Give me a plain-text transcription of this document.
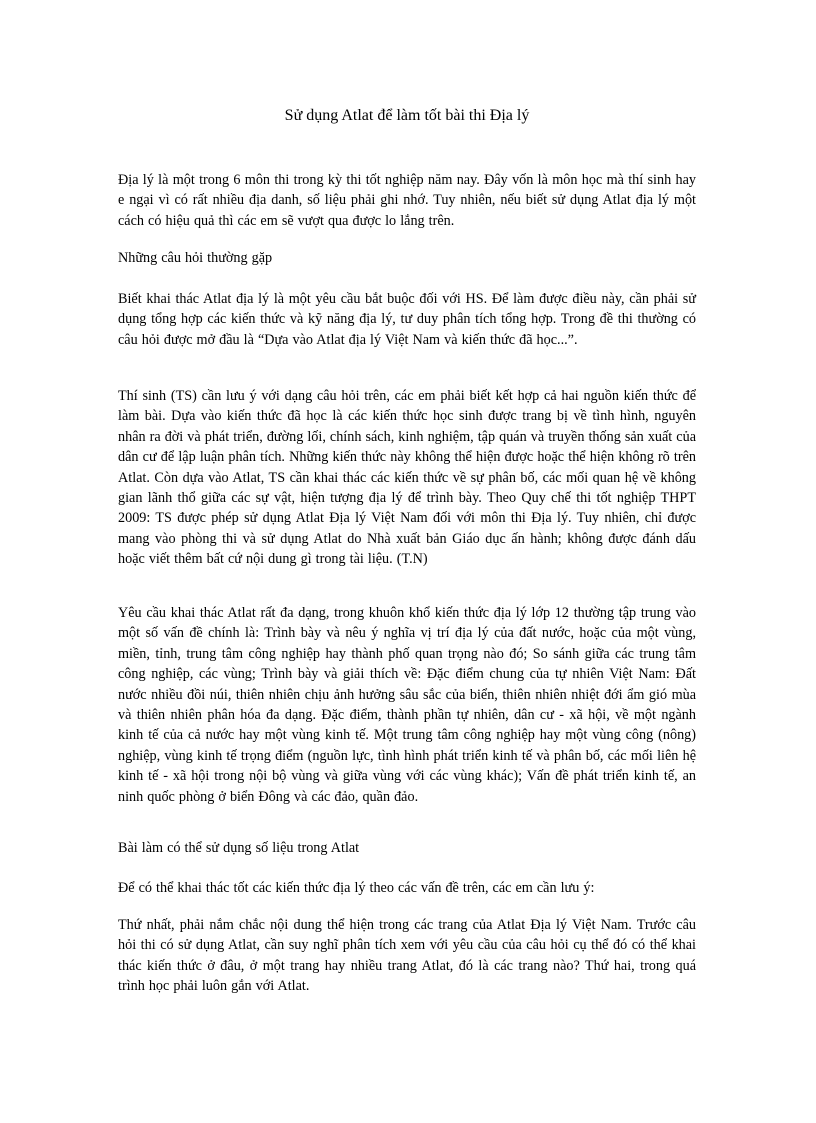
Sử dụng Atlat để làm tốt bài thi Địa lý

Địa lý là một trong 6 môn thi trong kỳ thi tốt nghiệp năm nay. Đây vốn là môn học mà thí sinh hay e ngại vì có rất nhiều địa danh, số liệu phải ghi nhớ. Tuy nhiên, nếu biết sử dụng Atlat địa lý một cách có hiệu quả thì các em sẽ vượt qua được lo lắng trên.

Những câu hỏi thường gặp

Biết khai thác Atlat địa lý là một yêu cầu bắt buộc đối với HS. Để làm được điều này, cần phải sử dụng tổng hợp các kiến thức và kỹ năng địa lý, tư duy phân tích tổng hợp. Trong đề thi thường có câu hỏi được mở đầu là “Dựa vào Atlat địa lý Việt Nam và kiến thức đã học...”.

Thí sinh (TS) cần lưu ý với dạng câu hỏi trên, các em phải biết kết hợp cả hai nguồn kiến thức để làm bài. Dựa vào kiến thức đã học là các kiến thức học sinh được trang bị về tình hình, nguyên nhân ra đời và phát triển, đường lối, chính sách, kinh nghiệm, tập quán và truyền thống sản xuất của dân cư để lập luận phân tích. Những kiến thức này không thể hiện được hoặc thể hiện không rõ trên Atlat. Còn dựa vào Atlat, TS cần khai thác các kiến thức về sự phân bố, các mối quan hệ về không gian lãnh thổ giữa các sự vật, hiện tượng địa lý để trình bày. Theo Quy chế thi tốt nghiệp THPT 2009: TS được phép sử dụng Atlat Địa lý Việt Nam đối với môn thi Địa lý. Tuy nhiên, chỉ được mang vào phòng thi và sử dụng Atlat do Nhà xuất bản Giáo dục ấn hành; không được đánh dấu hoặc viết thêm bất cứ nội dung gì trong tài liệu. (T.N)

Yêu cầu khai thác Atlat rất đa dạng, trong khuôn khổ kiến thức địa lý lớp 12 thường tập trung vào một số vấn đề chính là: Trình bày và nêu ý nghĩa vị trí địa lý của đất nước, hoặc của một vùng, miền, tỉnh, trung tâm công nghiệp hay thành phố quan trọng nào đó; So sánh giữa các trung tâm công nghiệp, các vùng; Trình bày và giải thích về: Đặc điểm chung của tự nhiên Việt Nam: Đất nước nhiều đồi núi, thiên nhiên chịu ảnh hưởng sâu sắc của biển, thiên nhiên nhiệt đới ẩm gió mùa và thiên nhiên phân hóa đa dạng. Đặc điểm, thành phần tự nhiên, dân cư - xã hội, về một ngành kinh tế của cả nước hay một vùng kinh tế. Một trung tâm công nghiệp hay một vùng công (nông) nghiệp, vùng kinh tế trọng điểm (nguồn lực, tình hình phát triển kinh tế và phân bố, các mối liên hệ kinh tế - xã hội trong nội bộ vùng và giữa vùng với các vùng khác); Vấn đề phát triển kinh tế, an ninh quốc phòng ở biển Đông và các đảo, quần đảo.

Bài làm có thể sử dụng số liệu trong Atlat

Để có thể khai thác tốt các kiến thức địa lý theo các vấn đề trên, các em cần lưu ý:

Thứ nhất, phải nắm chắc nội dung thể hiện trong các trang của Atlat Địa lý Việt Nam. Trước câu hỏi thi có sử dụng Atlat, cần suy nghĩ phân tích xem với yêu cầu của câu hỏi cụ thể đó có thể khai thác kiến thức ở đâu, ở một trang hay nhiều trang Atlat, đó là các trang nào? Thứ hai, trong quá trình học phải luôn gắn với Atlat.
